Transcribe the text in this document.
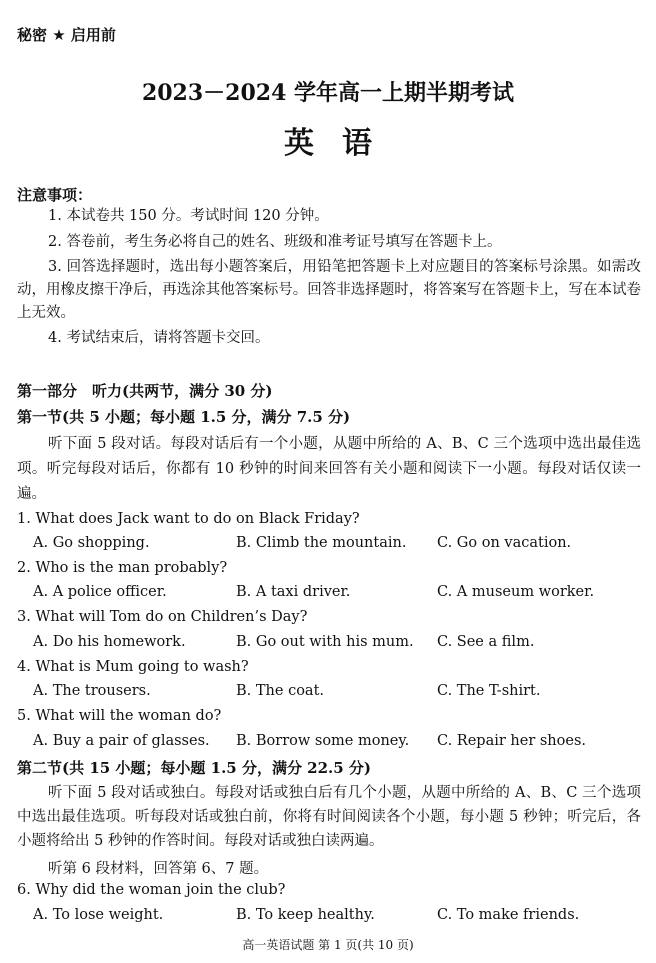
秘密 ★ 启用前
2023－2024 学年高一上期半期考试
英语
注意事项：
1. 本试卷共 150 分。考试时间 120 分钟。
2. 答卷前，考生务必将自己的姓名、班级和准考证号填写在答题卡上。
3. 回答选择题时，选出每小题答案后，用铅笔把答题卡上对应题目的答案标号涂黑。如需改动，用橡皮擦干净后，再选涂其他答案标号。回答非选择题时，将答案写在答题卡上，写在本试卷上无效。
4. 考试结束后，请将答题卡交回。
第一部分　听力(共两节，满分 30 分)
第一节(共 5 小题；每小题 1.5 分，满分 7.5 分)
听下面 5 段对话。每段对话后有一个小题，从题中所给的 A、B、C 三个选项中选出最佳选项。听完每段对话后，你都有 10 秒钟的时间来回答有关小题和阅读下一小题。每段对话仅读一遍。
1. What does Jack want to do on Black Friday?
A. Go shopping.	B. Climb the mountain. C. Go on vacation.
2. Who is the man probably?
A. A police officer.	B. A taxi driver.	C. A museum worker.
3. What will Tom do on Children’s Day?
A. Do his homework.	B. Go out with his mum. C. See a film.
4. What is Mum going to wash?
A. The trousers.	B. The coat.	C. The T-shirt.
5. What will the woman do?
A. Buy a pair of glasses. B. Borrow some money. C. Repair her shoes.
第二节(共 15 小题；每小题 1.5 分，满分 22.5 分)
听下面 5 段对话或独白。每段对话或独白后有几个小题，从题中所给的 A、B、C 三个选项中选出最佳选项。听每段对话或独白前，你将有时间阅读各个小题，每小题 5 秒钟；听完后，各小题将给出 5 秒钟的作答时间。每段对话或独白读两遍。
听第 6 段材料，回答第 6、7 题。
6. Why did the woman join the club?
A. To lose weight.	B. To keep healthy.	C. To make friends.
高一英语试题 第 1 页(共 10 页)
